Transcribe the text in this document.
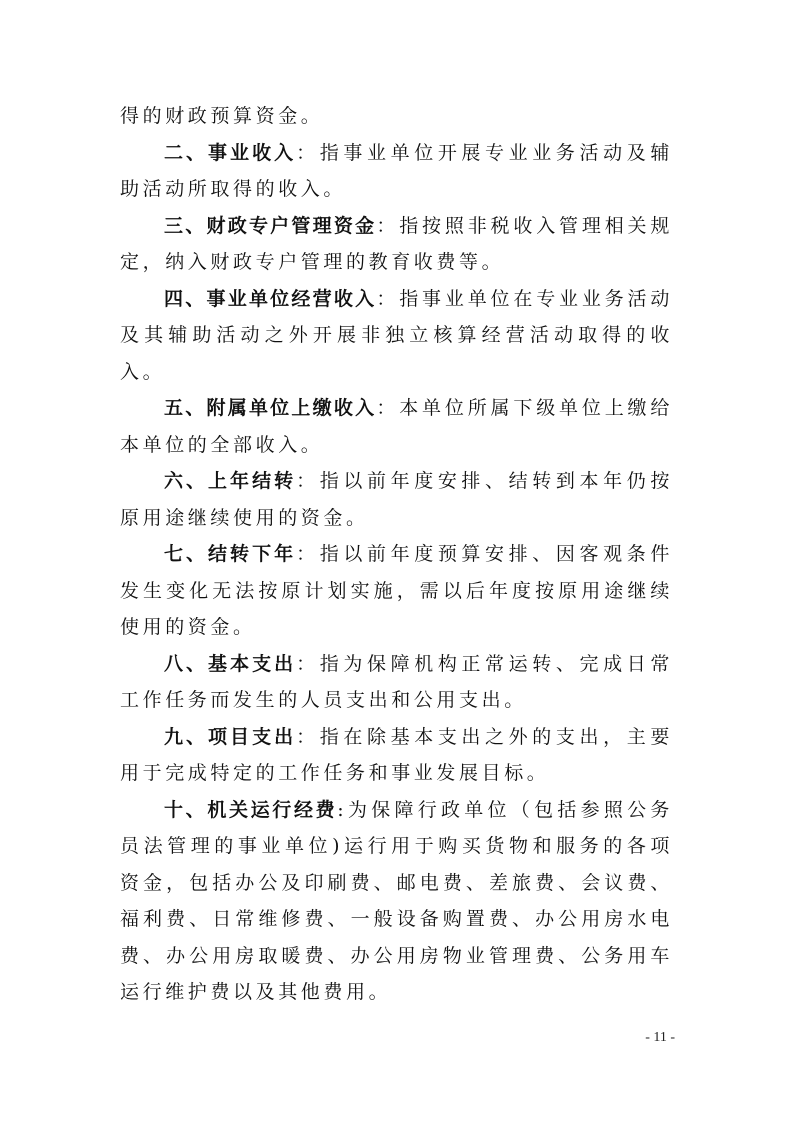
得的财政预算资金。

二、事业收入：指事业单位开展专业业务活动及辅助活动所取得的收入。

三、财政专户管理资金：指按照非税收入管理相关规定，纳入财政专户管理的教育收费等。

四、事业单位经营收入：指事业单位在专业业务活动及其辅助活动之外开展非独立核算经营活动取得的收入。

五、附属单位上缴收入：本单位所属下级单位上缴给本单位的全部收入。

六、上年结转：指以前年度安排、结转到本年仍按原用途继续使用的资金。

七、结转下年：指以前年度预算安排、因客观条件发生变化无法按原计划实施，需以后年度按原用途继续使用的资金。

八、基本支出：指为保障机构正常运转、完成日常工作任务而发生的人员支出和公用支出。

九、项目支出：指在除基本支出之外的支出，主要用于完成特定的工作任务和事业发展目标。

十、机关运行经费:为保障行政单位（包括参照公务员法管理的事业单位)运行用于购买货物和服务的各项资金，包括办公及印刷费、邮电费、差旅费、会议费、福利费、日常维修费、一般设备购置费、办公用房水电费、办公用房取暖费、办公用房物业管理费、公务用车运行维护费以及其他费用。

- 11 -
